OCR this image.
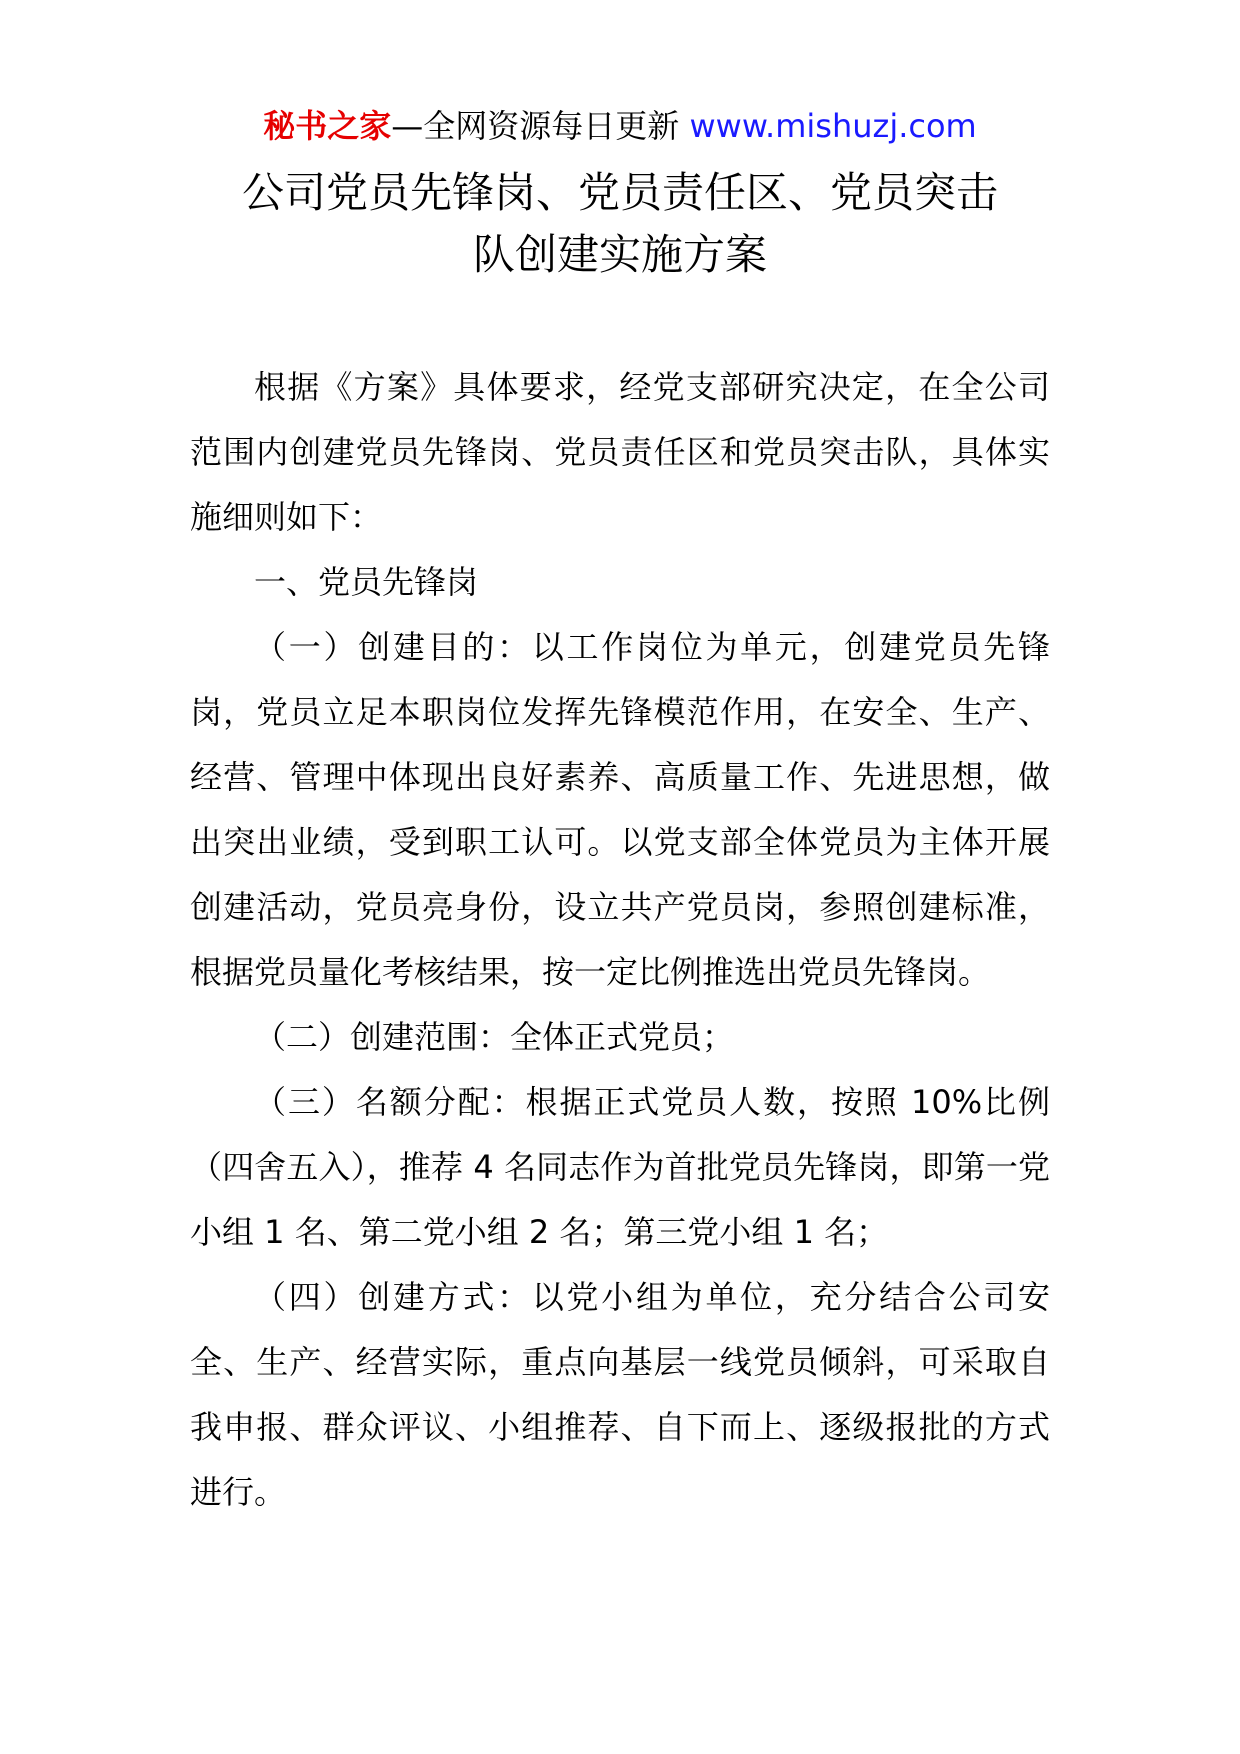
秘书之家—全网资源每日更新 www.mishuzj.com
公司党员先锋岗、党员责任区、党员突击
队创建实施方案

根据《方案》具体要求，经党支部研究决定，在全公司范围内创建党员先锋岗、党员责任区和党员突击队，具体实施细则如下：

一、党员先锋岗

（一）创建目的：以工作岗位为单元，创建党员先锋岗，党员立足本职岗位发挥先锋模范作用，在安全、生产、经营、管理中体现出良好素养、高质量工作、先进思想，做出突出业绩，受到职工认可。以党支部全体党员为主体开展创建活动，党员亮身份，设立共产党员岗，参照创建标准，根据党员量化考核结果，按一定比例推选出党员先锋岗。

（二）创建范围：全体正式党员；

（三）名额分配：根据正式党员人数，按照 10%比例（四舍五入），推荐 4 名同志作为首批党员先锋岗，即第一党小组 1 名、第二党小组 2 名；第三党小组 1 名；

（四）创建方式：以党小组为单位，充分结合公司安全、生产、经营实际，重点向基层一线党员倾斜，可采取自我申报、群众评议、小组推荐、自下而上、逐级报批的方式进行。
